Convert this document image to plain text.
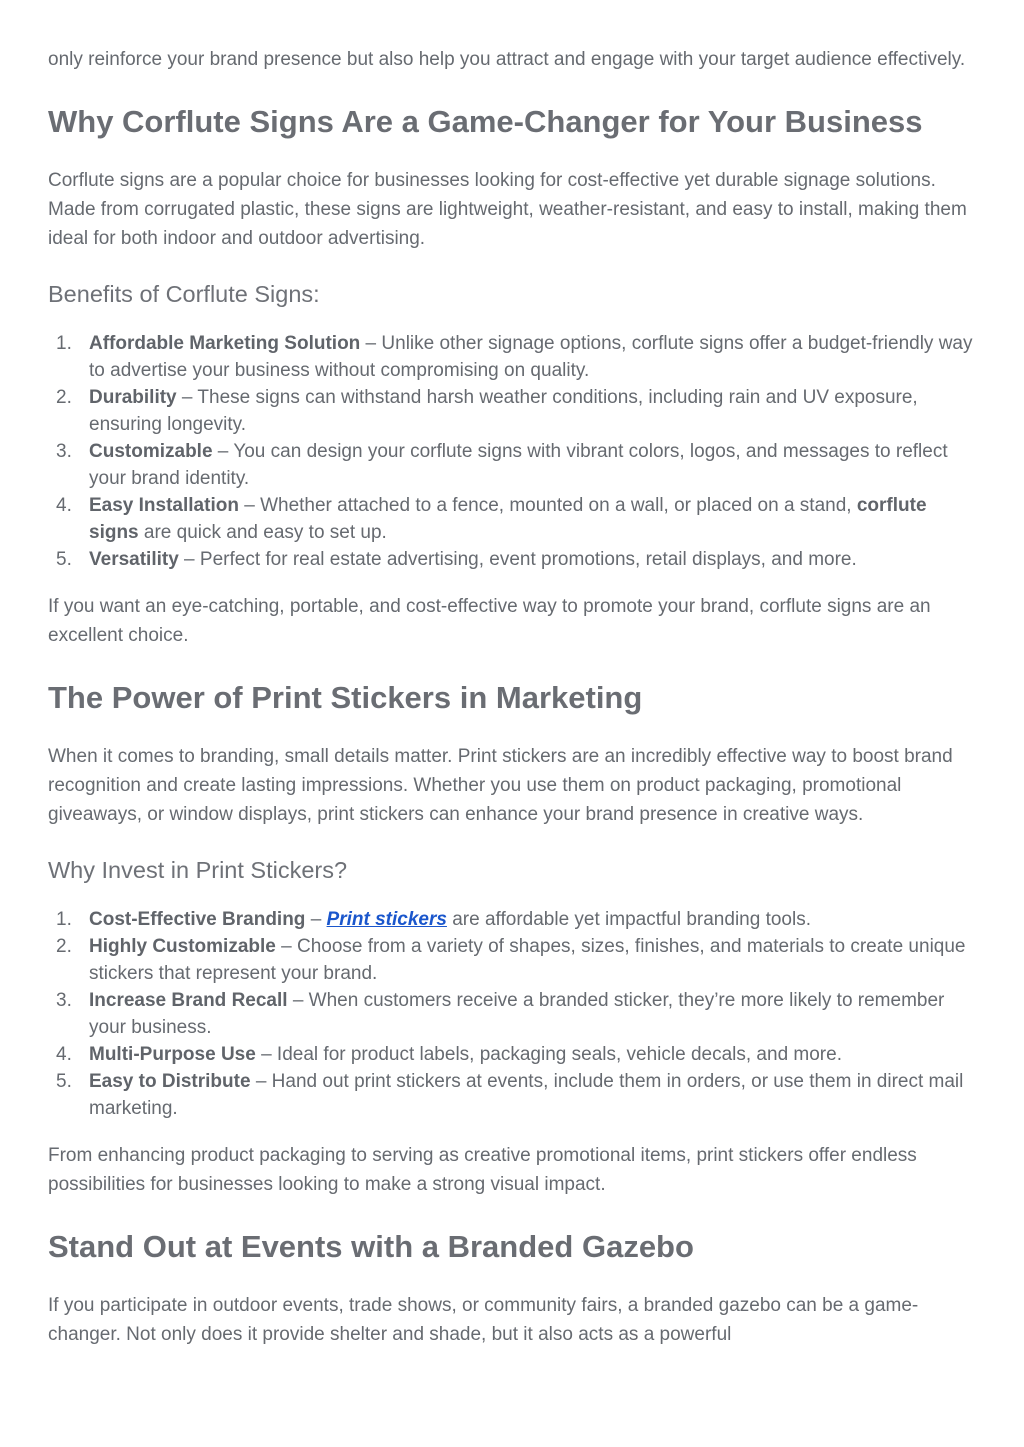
only reinforce your brand presence but also help you attract and engage with your target audience effectively.

Why Corflute Signs Are a Game-Changer for Your Business

Corflute signs are a popular choice for businesses looking for cost-effective yet durable signage solutions. Made from corrugated plastic, these signs are lightweight, weather-resistant, and easy to install, making them ideal for both indoor and outdoor advertising.

Benefits of Corflute Signs:
1. Affordable Marketing Solution – Unlike other signage options, corflute signs offer a budget-friendly way to advertise your business without compromising on quality.
2. Durability – These signs can withstand harsh weather conditions, including rain and UV exposure, ensuring longevity.
3. Customizable – You can design your corflute signs with vibrant colors, logos, and messages to reflect your brand identity.
4. Easy Installation – Whether attached to a fence, mounted on a wall, or placed on a stand, corflute signs are quick and easy to set up.
5. Versatility – Perfect for real estate advertising, event promotions, retail displays, and more.

If you want an eye-catching, portable, and cost-effective way to promote your brand, corflute signs are an excellent choice.

The Power of Print Stickers in Marketing

When it comes to branding, small details matter. Print stickers are an incredibly effective way to boost brand recognition and create lasting impressions. Whether you use them on product packaging, promotional giveaways, or window displays, print stickers can enhance your brand presence in creative ways.

Why Invest in Print Stickers?
1. Cost-Effective Branding – Print stickers are affordable yet impactful branding tools.
2. Highly Customizable – Choose from a variety of shapes, sizes, finishes, and materials to create unique stickers that represent your brand.
3. Increase Brand Recall – When customers receive a branded sticker, they’re more likely to remember your business.
4. Multi-Purpose Use – Ideal for product labels, packaging seals, vehicle decals, and more.
5. Easy to Distribute – Hand out print stickers at events, include them in orders, or use them in direct mail marketing.

From enhancing product packaging to serving as creative promotional items, print stickers offer endless possibilities for businesses looking to make a strong visual impact.

Stand Out at Events with a Branded Gazebo

If you participate in outdoor events, trade shows, or community fairs, a branded gazebo can be a game-changer. Not only does it provide shelter and shade, but it also acts as a powerful
